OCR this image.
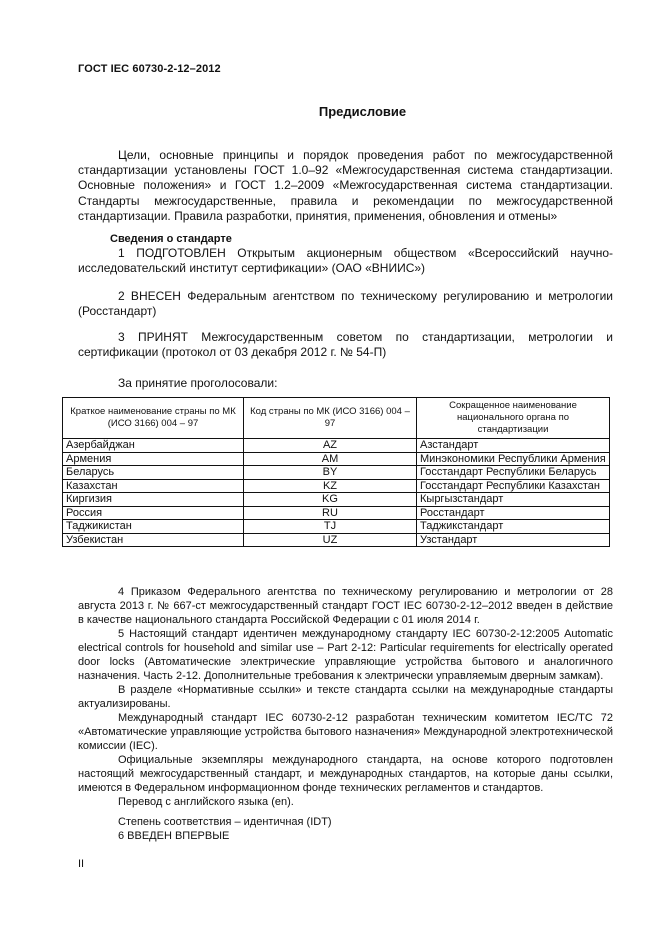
ГОСТ IEC 60730-2-12–2012
Предисловие
Цели, основные принципы и порядок проведения работ по межгосударственной стандартизации установлены ГОСТ 1.0–92 «Межгосударственная система стандартизации. Основные положения» и ГОСТ 1.2–2009 «Межгосударственная система стандартизации. Стандарты межгосударственные, правила и рекомендации по межгосударственной стандартизации. Правила разработки, принятия, применения, обновления и отмены»
Сведения о стандарте
1 ПОДГОТОВЛЕН Открытым акционерным обществом «Всероссийский научно-исследовательский институт сертификации» (ОАО «ВНИИС»)
2 ВНЕСЕН Федеральным агентством по техническому регулированию и метрологии (Росстандарт)
3 ПРИНЯТ Межгосударственным советом по стандартизации, метрологии и сертификации (протокол от 03 декабря 2012 г. № 54-П)
За принятие проголосовали:
Краткое наименование страны по МК (ИСО 3166) 004 – 97	Код страны по МК (ИСО 3166) 004 – 97	Сокращенное наименование национального органа по стандартизации
Азербайджан	AZ	Азстандарт
Армения	AM	Минэкономики Республики Армения
Беларусь	BY	Госстандарт Республики Беларусь
Казахстан	KZ	Госстандарт Республики Казахстан
Киргизия	KG	Кыргызстандарт
Россия	RU	Росстандарт
Таджикистан	TJ	Таджикстандарт
Узбекистан	UZ	Узстандарт

4 Приказом Федерального агентства по техническому регулированию и метрологии от 28 августа 2013 г. № 667-ст межгосударственный стандарт ГОСТ IEC 60730-2-12–2012 введен в действие в качестве национального стандарта Российской Федерации с 01 июля 2014 г.

5 Настоящий стандарт идентичен международному стандарту IEC 60730-2-12:2005 Automatic electrical controls for household and similar use – Part 2-12: Particular requirements for electrically operated door locks (Автоматические электрические управляющие устройства бытового и аналогичного назначения. Часть 2-12. Дополнительные требования к электрически управляемым дверным замкам).

В разделе «Нормативные ссылки» и тексте стандарта ссылки на международные стандарты актуализированы.

Международный стандарт IEC 60730-2-12 разработан техническим комитетом IEC/TC 72 «Автоматические управляющие устройства бытового назначения» Международной электротехнической комиссии (IEC).

Официальные экземпляры международного стандарта, на основе которого подготовлен настоящий межгосударственный стандарт, и международных стандартов, на которые даны ссылки, имеются в Федеральном информационном фонде технических регламентов и стандартов.

Перевод с английского языка (en).

Степень соответствия – идентичная (IDT)

6 ВВЕДЕН ВПЕРВЫЕ

II
